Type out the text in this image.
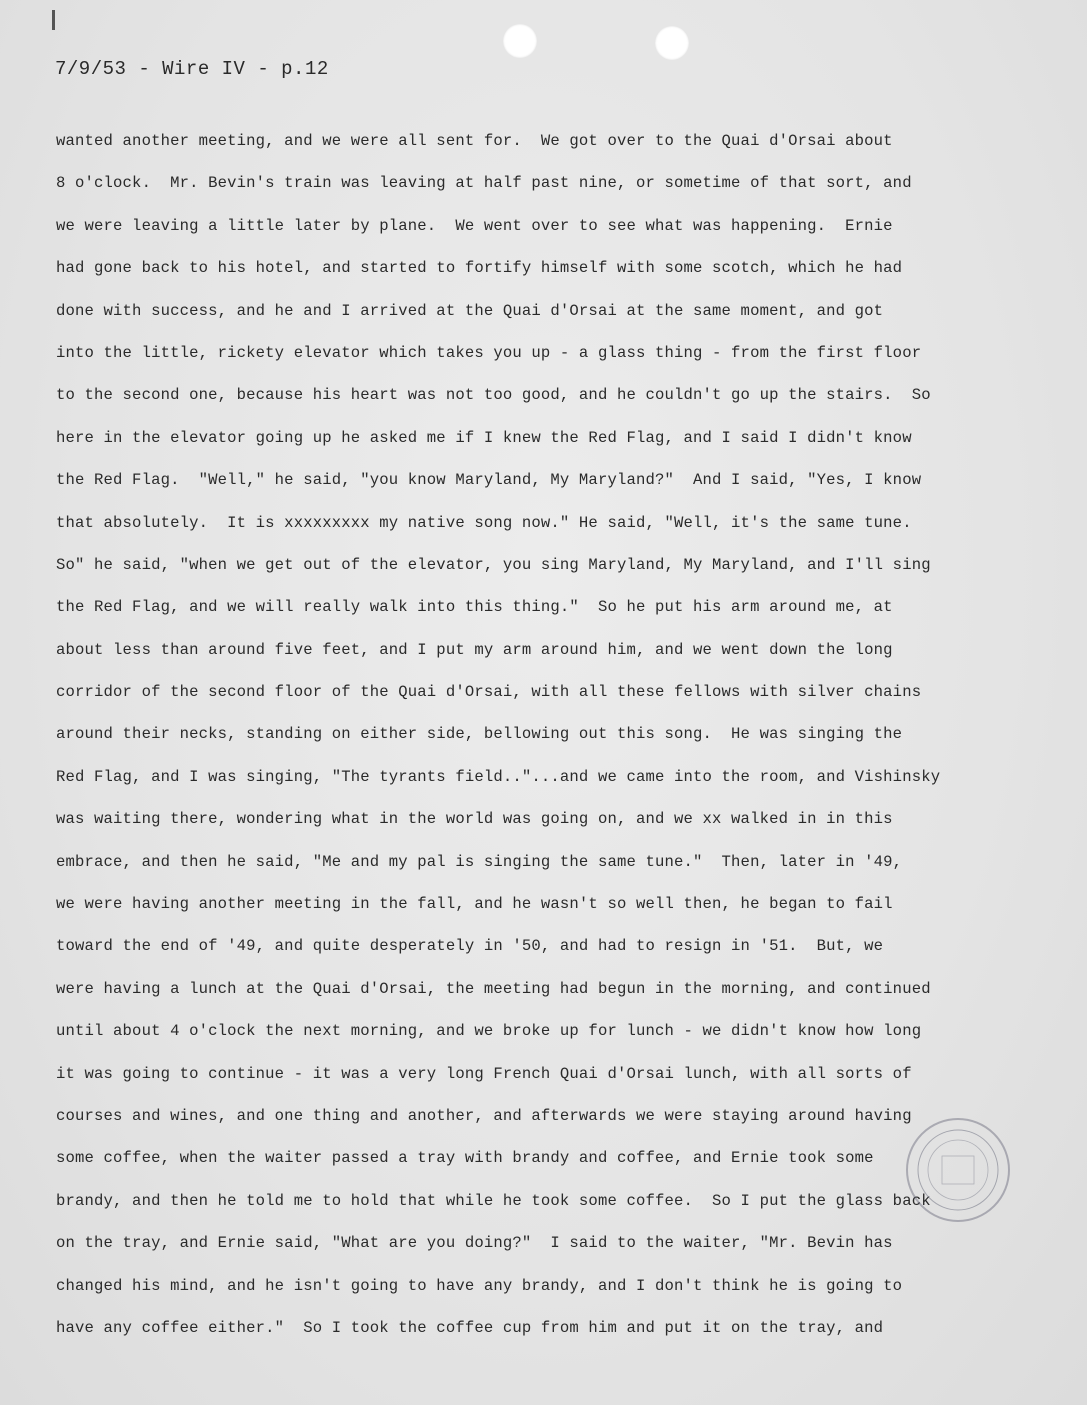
7/9/53 - Wire IV - p.12
wanted another meeting, and we were all sent for.  We got over to the Quai d'Orsai about
8 o'clock.  Mr. Bevin's train was leaving at half past nine, or sometime of that sort, and
we were leaving a little later by plane.  We went over to see what was happening.  Ernie
had gone back to his hotel, and started to fortify himself with some scotch, which he had
done with success, and he and I arrived at the Quai d'Orsai at the same moment, and got
into the little, rickety elevator which takes you up - a glass thing - from the first floor
to the second one, because his heart was not too good, and he couldn't go up the stairs.  So
here in the elevator going up he asked me if I knew the Red Flag, and I said I didn't know
the Red Flag.  "Well," he said, "you know Maryland, My Maryland?"  And I said, "Yes, I know
that absolutely.  It is xxxxxxxxx my native song now." He said, "Well, it's the same tune.
So" he said, "when we get out of the elevator, you sing Maryland, My Maryland, and I'll sing
the Red Flag, and we will really walk into this thing."  So he put his arm around me, at
about less than around five feet, and I put my arm around him, and we went down the long
corridor of the second floor of the Quai d'Orsai, with all these fellows with silver chains
around their necks, standing on either side, bellowing out this song.  He was singing the
Red Flag, and I was singing, "The tyrants field.."...and we came into the room, and Vishinsky
was waiting there, wondering what in the world was going on, and we xx walked in in this
embrace, and then he said, "Me and my pal is singing the same tune."  Then, later in '49,
we were having another meeting in the fall, and he wasn't so well then, he began to fail
toward the end of '49, and quite desperately in '50, and had to resign in '51.  But, we
were having a lunch at the Quai d'Orsai, the meeting had begun in the morning, and continued
until about 4 o'clock the next morning, and we broke up for lunch - we didn't know how long
it was going to continue - it was a very long French Quai d'Orsai lunch, with all sorts of
courses and wines, and one thing and another, and afterwards we were staying around having
some coffee, when the waiter passed a tray with brandy and coffee, and Ernie took some
brandy, and then he told me to hold that while he took some coffee.  So I put the glass back
on the tray, and Ernie said, "What are you doing?"  I said to the waiter, "Mr. Bevin has
changed his mind, and he isn't going to have any brandy, and I don't think he is going to
have any coffee either."  So I took the coffee cup from him and put it on the tray, and
